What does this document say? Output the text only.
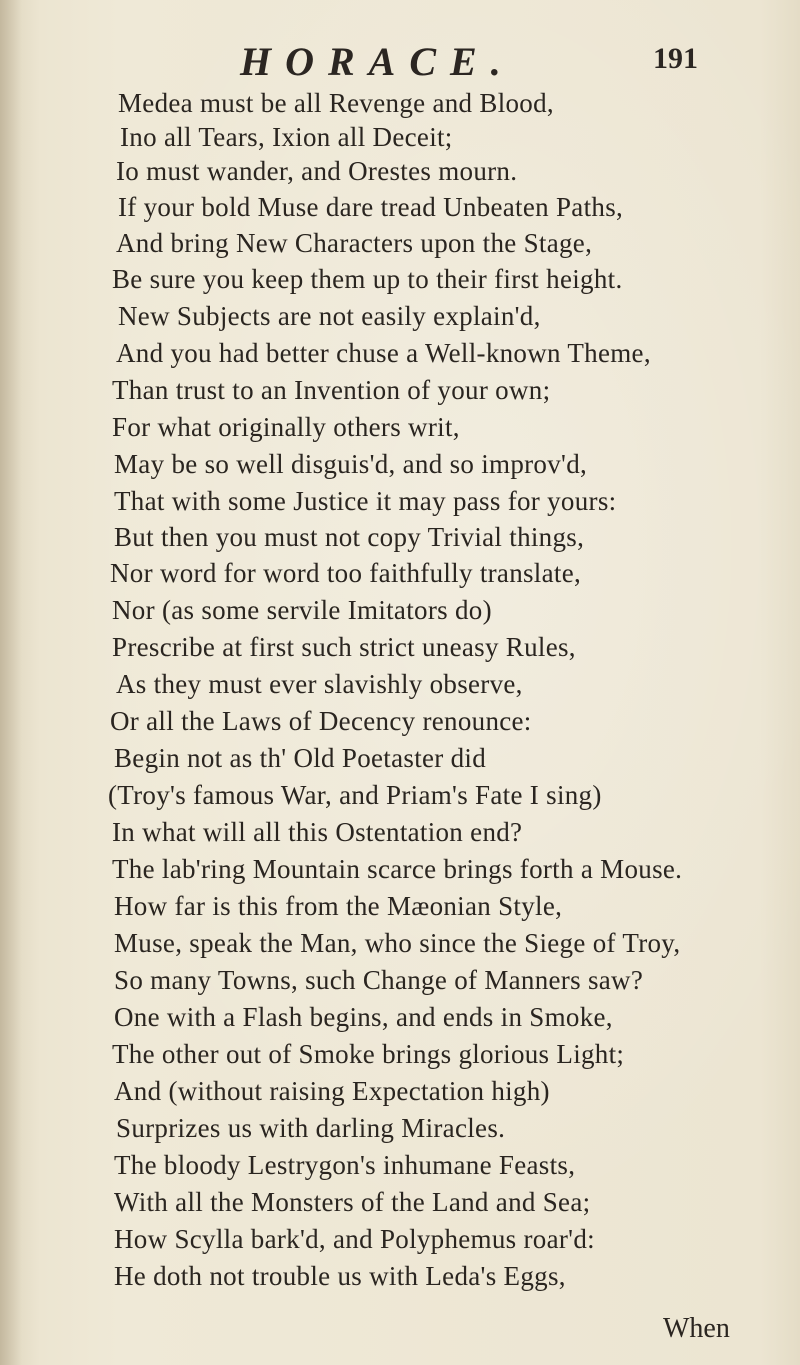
HORACE.	191
Medea must be all Revenge and Blood,
Ino all Tears, Ixion all Deceit;
Io must wander, and Orestes mourn.
If your bold Muse dare tread Unbeaten Paths,
And bring New Characters upon the Stage,
Be sure you keep them up to their first height.
New Subjects are not easily explain'd,
And you had better chuse a Well-known Theme,
Than trust to an Invention of your own;
For what originally others writ,
May be so well disguis'd, and so improv'd,
That with some Justice it may pass for yours:
But then you must not copy Trivial things,
Nor word for word too faithfully translate,
Nor (as some servile Imitators do)
Prescribe at first such strict uneasy Rules,
As they must ever slavishly observe,
Or all the Laws of Decency renounce:
Begin not as th' Old Poetaster did
(Troy's famous War, and Priam's Fate I sing)
In what will all this Ostentation end?
The lab'ring Mountain scarce brings forth a Mouse.
How far is this from the Mæonian Style,
Muse, speak the Man, who since the Siege of Troy,
So many Towns, such Change of Manners saw?
One with a Flash begins, and ends in Smoke,
The other out of Smoke brings glorious Light;
And (without raising Expectation high)
Surprizes us with darling Miracles.
The bloody Lestrygon's inhumane Feasts,
With all the Monsters of the Land and Sea;
How Scylla bark'd, and Polyphemus roar'd:
He doth not trouble us with Leda's Eggs,
When
